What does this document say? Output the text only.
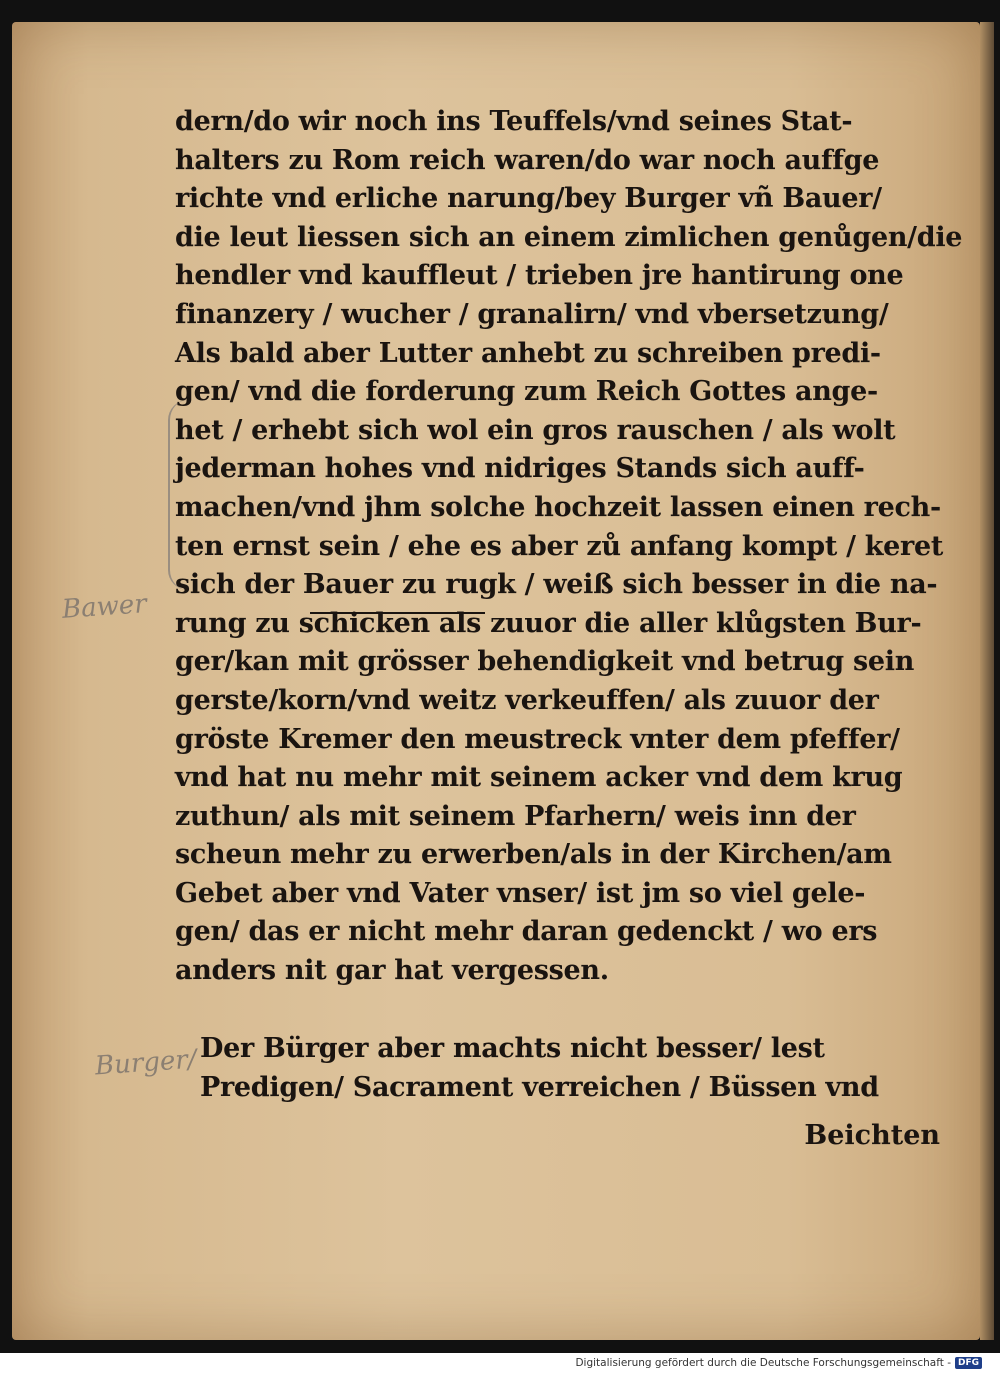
Bawer
Burger/
dern/do wir noch ins Teuffels/vnd seines Stat-
halters zu Rom reich waren/do war noch auffge
richte vnd erliche narung/bey Burger vñ Bauer/
die leut liessen sich an einem zimlichen genůgen/die
hendler vnd kauffleut / trieben jre hantirung one
finanzery / wucher / granalirn/ vnd vbersetzung/
Als bald aber Lutter anhebt zu schreiben predi-
gen/ vnd die forderung zum Reich Gottes ange-
het / erhebt sich wol ein gros rauschen / als wolt
jederman hohes vnd nidriges Stands sich auff-
machen/vnd jhm solche hochzeit lassen einen rech-
ten ernst sein / ehe es aber zů anfang kompt / keret
sich der Bauer zu rugk / weiß sich besser in die na-
rung zu schicken als zuuor die aller klůgsten Bur-
ger/kan mit grösser behendigkeit vnd betrug sein
gerste/korn/vnd weitz verkeuffen/ als zuuor der
gröste Kremer den meustreck vnter dem pfeffer/
vnd hat nu mehr mit seinem acker vnd dem krug
zuthun/ als mit seinem Pfarhern/ weis inn der
scheun mehr zu erwerben/als in der Kirchen/am
Gebet aber vnd Vater vnser/ ist jm so viel gele-
gen/ das er nicht mehr daran gedenckt / wo ers
anders nit gar hat vergessen.
Der Bürger aber machts nicht besser/ lest
Predigen/ Sacrament verreichen / Büssen vnd
Beichten
Digitalisierung gefördert durch die Deutsche Forschungsgemeinschaft - DFG
